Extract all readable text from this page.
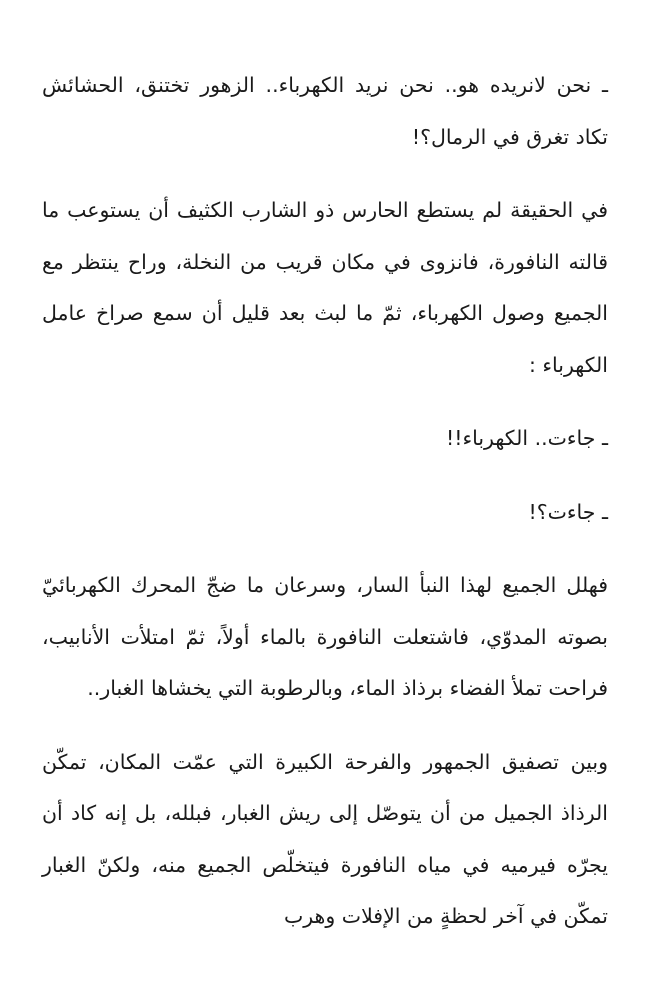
ـ نحن لانريده هو.. نحن نريد الكهرباء.. الزهور تختنق، الحشائش تكاد تغرق في الرمال؟!

في الحقيقة لم يستطع الحارس ذو الشارب الكثيف أن يستوعب ما قالته النافورة، فانزوى في مكان قريب من النخلة، وراح ينتظر مع الجميع وصول الكهرباء، ثمّ ما لبث بعد قليل أن سمع صراخ عامل الكهرباء :

ـ جاءت.. الكهرباء!!

ـ جاءت؟!

فهلل الجميع لهذا النبأ السار، وسرعان ما ضجّ المحرك الكهربائيّ بصوته المدوّي، فاشتعلت النافورة بالماء أولاً، ثمّ امتلأت الأنابيب، فراحت تملأ الفضاء برذاذ الماء، وبالرطوبة التي يخشاها الغبار..

وبين تصفيق الجمهور والفرحة الكبيرة التي عمّت المكان، تمكّن الرذاذ الجميل من أن يتوصّل إلى ريش الغبار، فبلله، بل إنه كاد أن يجرّه فيرميه في مياه النافورة فيتخلّص الجميع منه، ولكنّ الغبار تمكّن في آخر لحظةٍ من الإفلات وهرب
